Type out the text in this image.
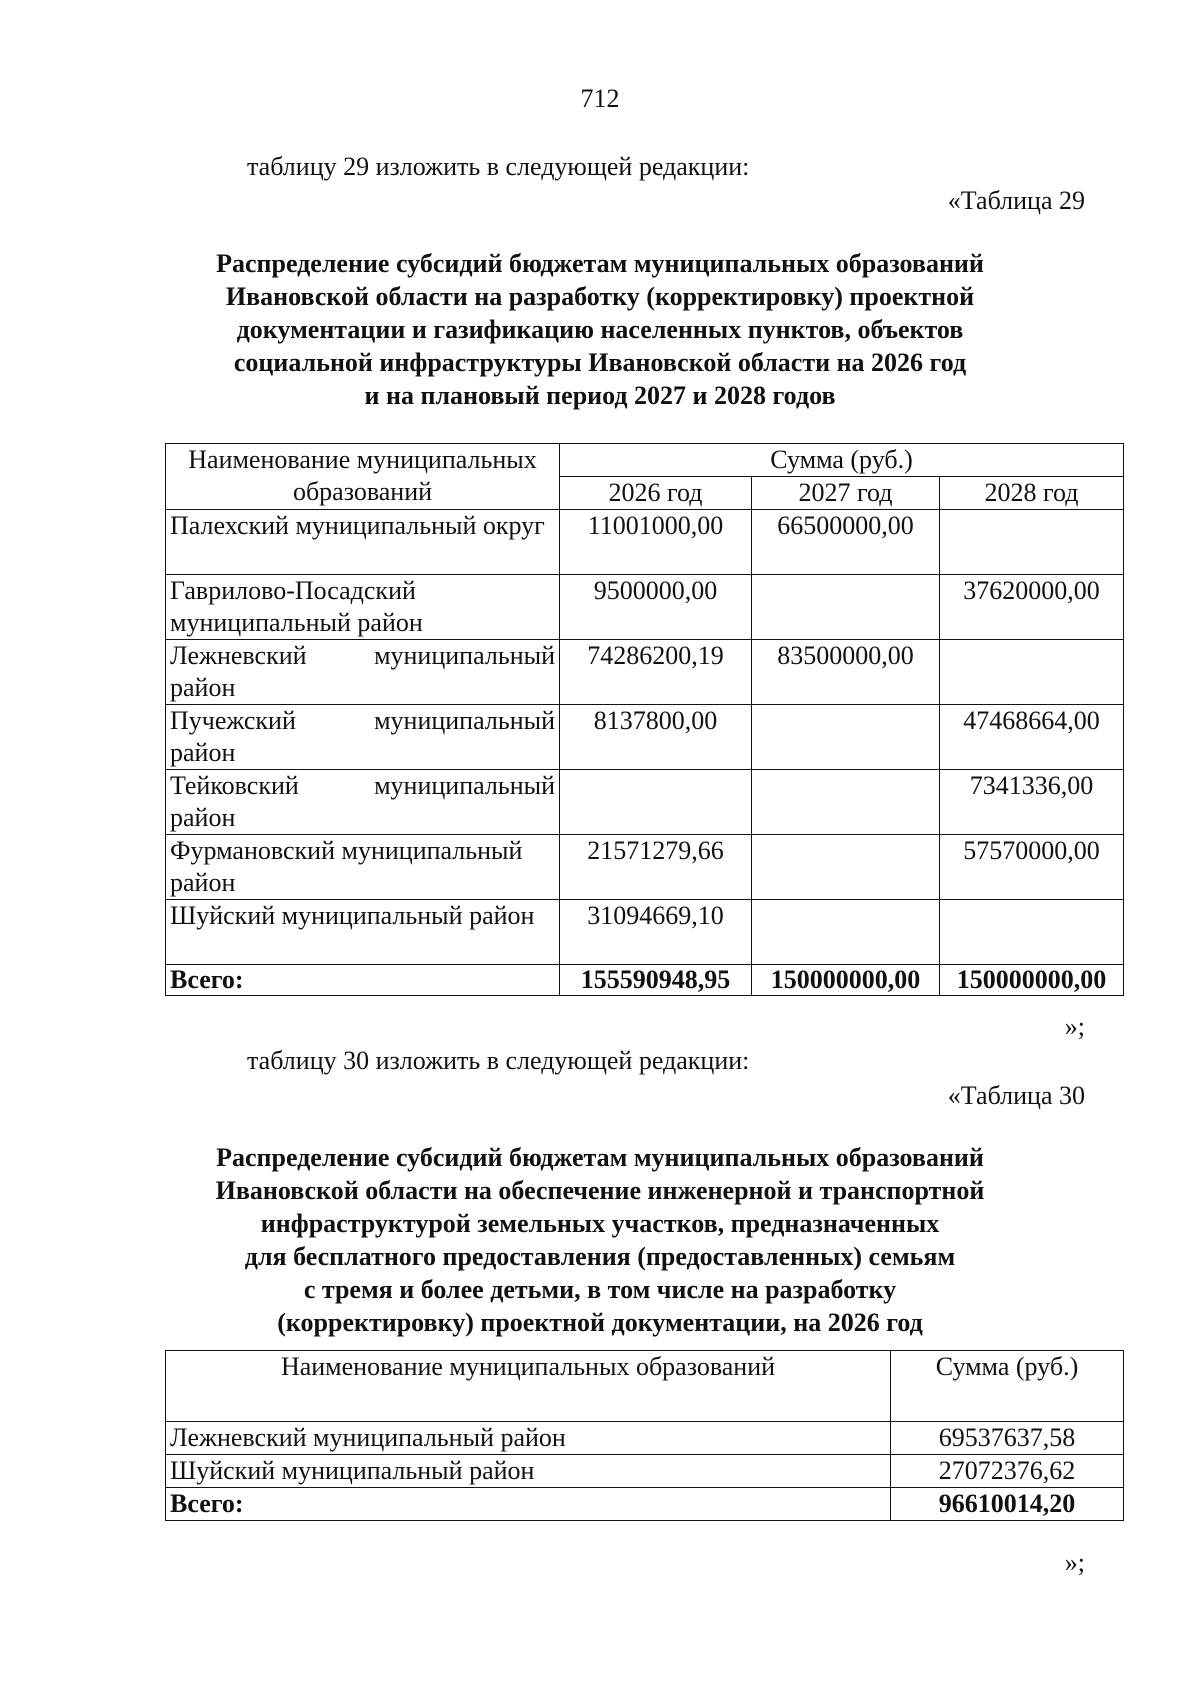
712
таблицу 29 изложить в следующей редакции:
«Таблица 29
Распределение субсидий бюджетам муниципальных образований
Ивановской области на разработку (корректировку) проектной
документации и газификацию населенных пунктов, объектов
социальной инфраструктуры Ивановской области на 2026 год
и на плановый период 2027 и 2028 годов
Наименование муниципальных образований	Сумма (руб.)		
	2026 год	2027 год	2028 год
Палехский муниципальный округ	11001000,00	66500000,00	
Гаврилово-Посадский муниципальный район	9500000,00		37620000,00
Лежневский муниципальный район	74286200,19	83500000,00	
Пучежский муниципальный район	8137800,00		47468664,00
Тейковский муниципальный район			7341336,00
Фурмановский муниципальный район	21571279,66		57570000,00
Шуйский муниципальный район	31094669,10		
Всего:	155590948,95	150000000,00	150000000,00
»;
таблицу 30 изложить в следующей редакции:
«Таблица 30
Распределение субсидий бюджетам муниципальных образований
Ивановской области на обеспечение инженерной и транспортной
инфраструктурой земельных участков, предназначенных
для бесплатного предоставления (предоставленных) семьям
с тремя и более детьми, в том числе на разработку
(корректировку) проектной документации, на 2026 год
Наименование муниципальных образований	Сумма (руб.)
Лежневский муниципальный район	69537637,58
Шуйский муниципальный район	27072376,62
Всего:	96610014,20
»;
